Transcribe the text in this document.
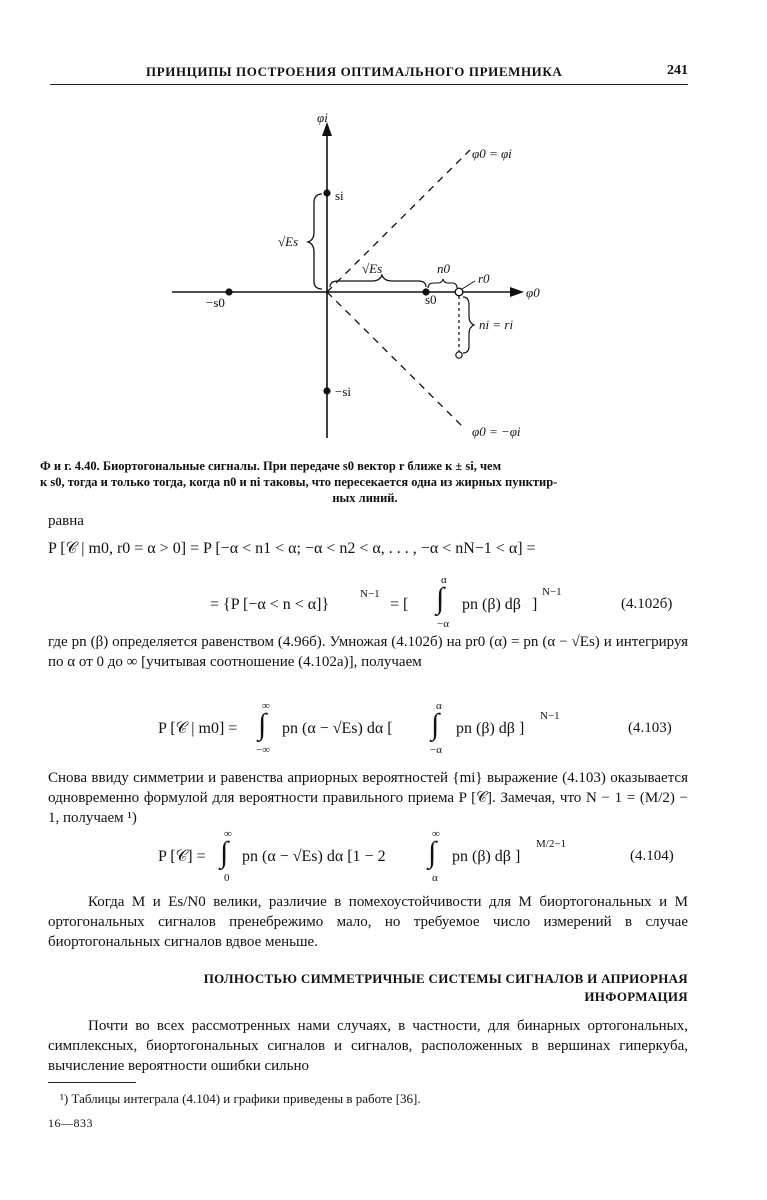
ПРИНЦИПЫ ПОСТРОЕНИЯ ОПТИМАЛЬНОГО ПРИЕМНИКА	241
φi
φ0
φ0 = φi
φ0 = −φi
si
−si
−s0	s0
√Es
√Es	n0
r0
ni = ri
Ф и г. 4.40. Биортогональные сигналы. При передаче s0 вектор r ближе к ± si, чем
к s0, тогда и только тогда, когда n0 и ni таковы, что пересекается одна из жирных пунктир-
ных линий.
равна
P [𝒞 | m0, r0 = α > 0] = P [−α < n1 < α; −α < n2 < α, . . . , −α < nN−1 < α] =
= {P [−α < n < α]}
N−1
= [
α
∫
−α
pn (β) dβ ]
N−1
(4.102б)
где pn (β) определяется равенством (4.96б). Умножая (4.102б) на pr0 (α) = pn (α − √Es) и интегрируя по α от 0 до ∞ [учитывая соотношение (4.102а)], получаем
P [𝒞 | m0] =
∞
∫
−∞
pn (α − √Es) dα [
α
∫
−α
pn (β) dβ ]
N−1
(4.103)
Снова ввиду симметрии и равенства априорных вероятностей {mi} выражение (4.103) оказывается одновременно формулой для вероятности правильного приема P [𝒞]. Замечая, что N − 1 = (M/2) − 1, получаем ¹)
P [𝒞] =
∞
∫
0
pn (α − √Es) dα [1 − 2
∞
∫
α
pn (β) dβ ]
M/2−1
(4.104)
Когда M и Es/N0 велики, различие в помехоустойчивости для M биортогональных и M ортогональных сигналов пренебрежимо мало, но требуемое число измерений в случае биортогональных сигналов вдвое меньше.
ПОЛНОСТЬЮ СИММЕТРИЧНЫЕ СИСТЕМЫ СИГНАЛОВ И АПРИОРНАЯ
ИНФОРМАЦИЯ
Почти во всех рассмотренных нами случаях, в частности, для бинарных ортогональных, симплексных, биортогональных сигналов и сигналов, расположенных в вершинах гиперкуба, вычисление вероятности ошибки сильно
¹) Таблицы интеграла (4.104) и графики приведены в работе [36].
16—833
